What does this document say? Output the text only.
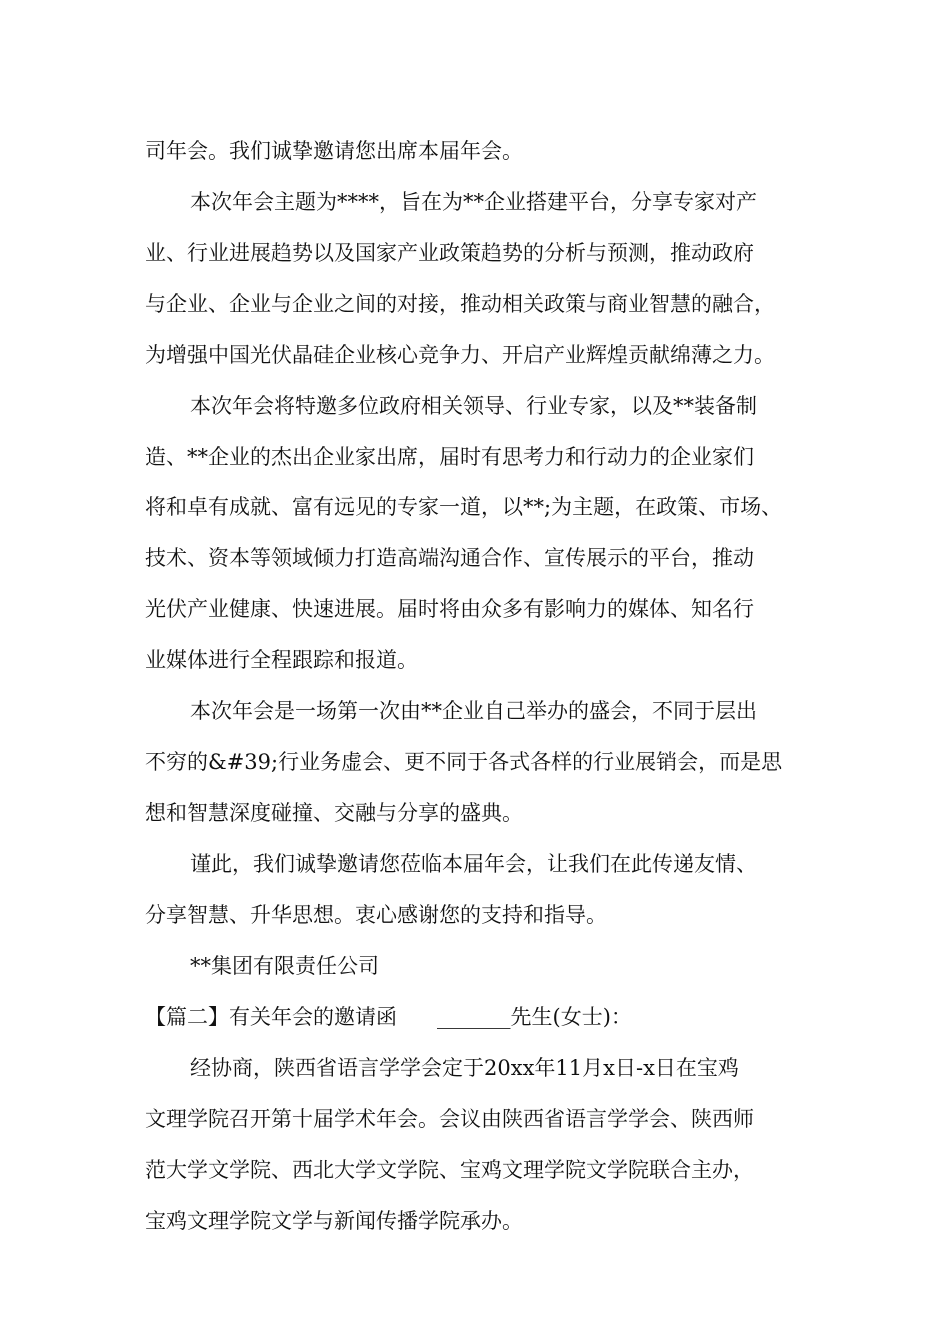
司年会。我们诚挚邀请您出席本届年会。
本次年会主题为****，旨在为**企业搭建平台，分享专家对产
业、行业进展趋势以及国家产业政策趋势的分析与预测，推动政府
与企业、企业与企业之间的对接，推动相关政策与商业智慧的融合，
为增强中国光伏晶硅企业核心竞争力、开启产业辉煌贡献绵薄之力。
本次年会将特邀多位政府相关领导、行业专家，以及**装备制
造、**企业的杰出企业家出席，届时有思考力和行动力的企业家们
将和卓有成就、富有远见的专家一道，以**;为主题，在政策、市场、
技术、资本等领域倾力打造高端沟通合作、宣传展示的平台，推动
光伏产业健康、快速进展。届时将由众多有影响力的媒体、知名行
业媒体进行全程跟踪和报道。
本次年会是一场第一次由**企业自己举办的盛会，不同于层出
不穷的&#39;行业务虚会、更不同于各式各样的行业展销会，而是思
想和智慧深度碰撞、交融与分享的盛典。
谨此，我们诚挚邀请您莅临本届年会，让我们在此传递友情、
分享智慧、升华思想。衷心感谢您的支持和指导。
**集团有限责任公司
【篇二】有关年会的邀请函 _______先生(女士)：
经协商，陕西省语言学学会定于20xx年11月x日-x日在宝鸡
文理学院召开第十届学术年会。会议由陕西省语言学学会、陕西师
范大学文学院、西北大学文学院、宝鸡文理学院文学院联合主办，
宝鸡文理学院文学与新闻传播学院承办。
